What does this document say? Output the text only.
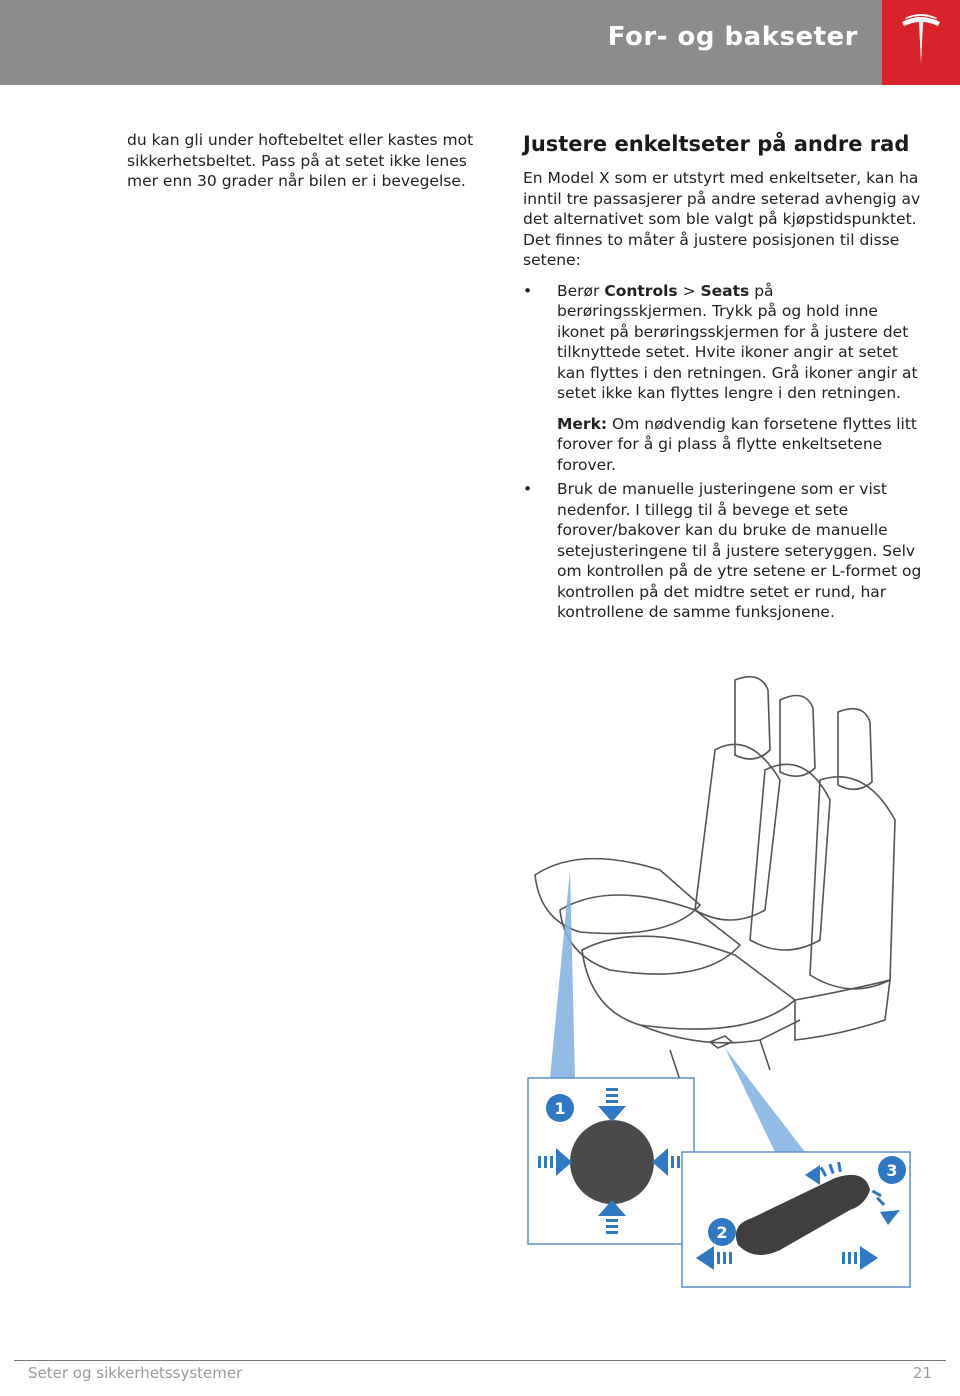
For- og bakseter

du kan gli under hoftebeltet eller kastes mot sikkerhetsbeltet. Pass på at setet ikke lenes mer enn 30 grader når bilen er i bevegelse.

Justere enkeltseter på andre rad

En Model X som er utstyrt med enkeltseter, kan ha inntil tre passasjerer på andre seterad avhengig av det alternativet som ble valgt på kjøpstidspunktet. Det finnes to måter å justere posisjonen til disse setene:

• Berør Controls > Seats på berøringsskjermen. Trykk på og hold inne ikonet på berøringsskjermen for å justere det tilknyttede setet. Hvite ikoner angir at setet kan flyttes i den retningen. Grå ikoner angir at setet ikke kan flyttes lengre i den retningen.

Merk: Om nødvendig kan forsetene flyttes litt forover for å gi plass å flytte enkeltsetene forover.

• Bruk de manuelle justeringene som er vist nedenfor. I tillegg til å bevege et sete forover/bakover kan du bruke de manuelle setejusteringene til å justere seteryggen. Selv om kontrollen på de ytre setene er L-formet og kontrollen på det midtre setet er rund, har kontrollene de samme funksjonene.
1
2
3
Seter og sikkerhetssystemer	21
